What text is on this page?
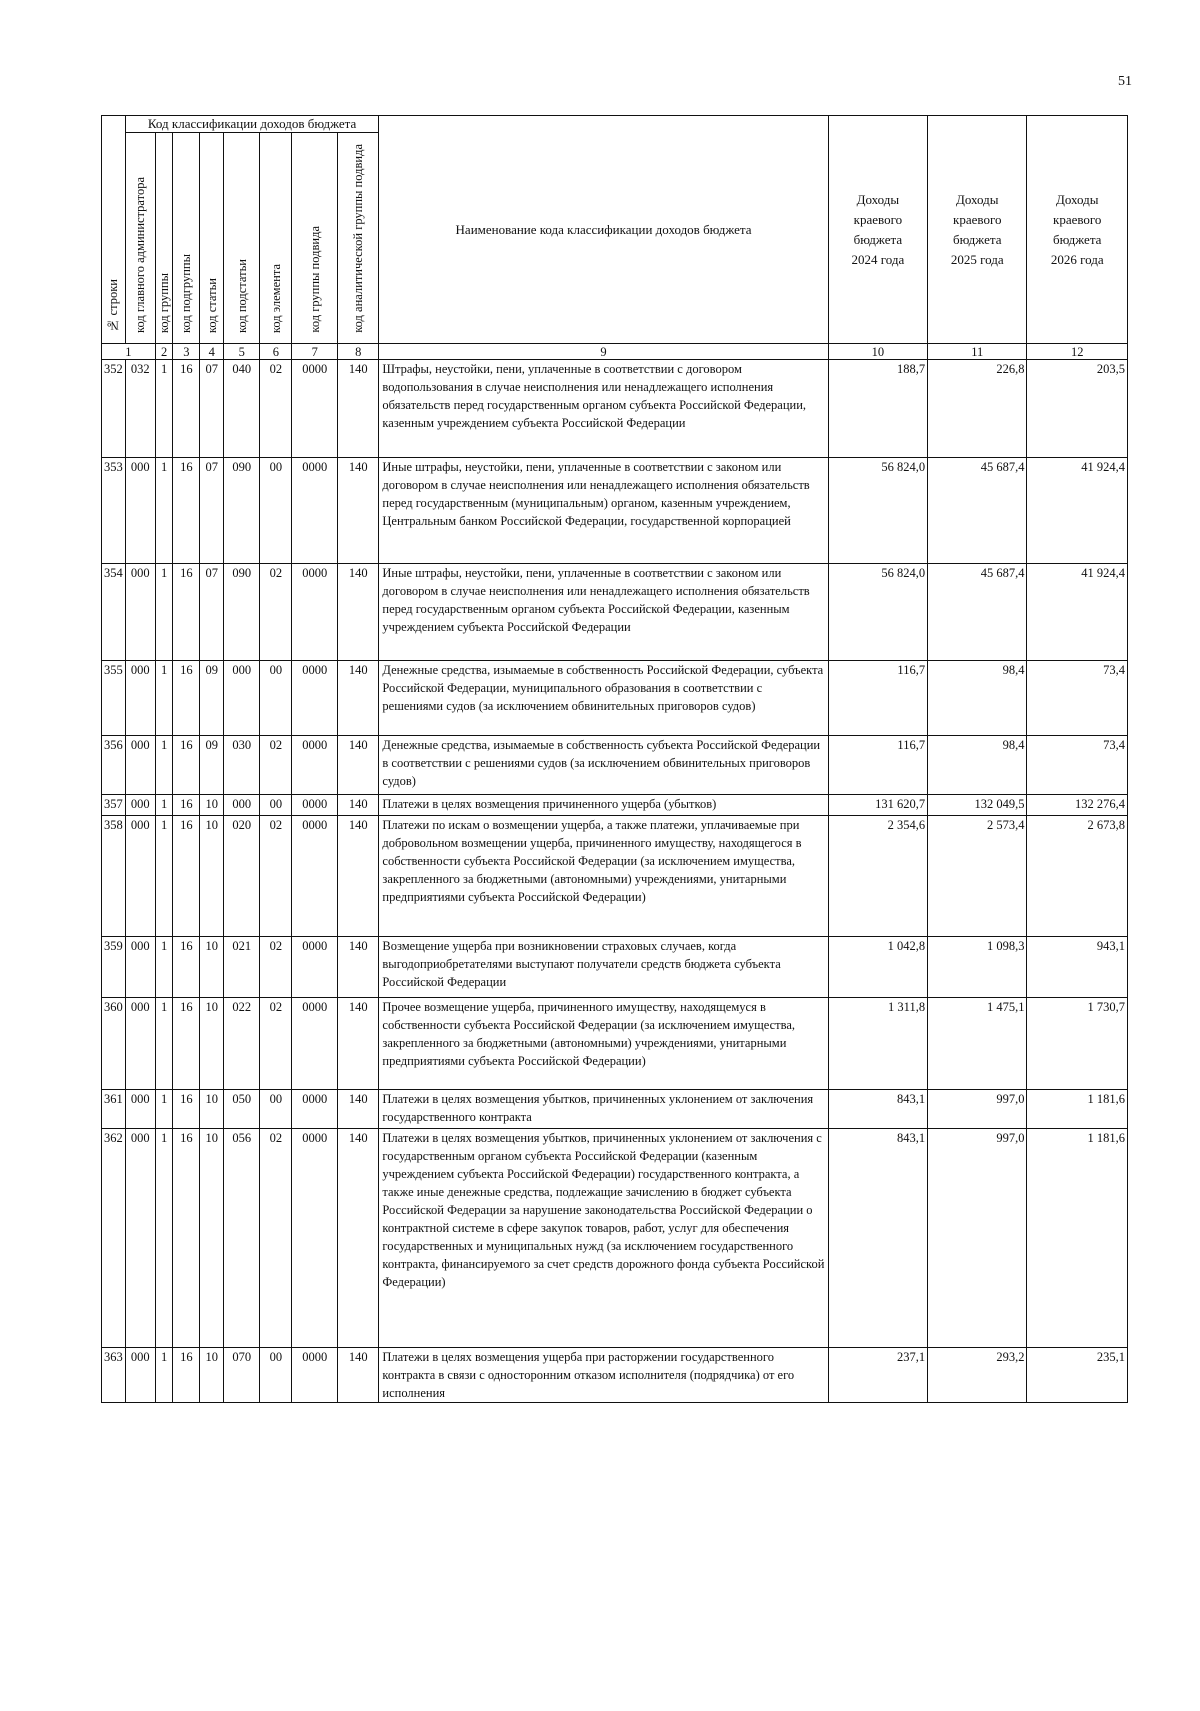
51
№ строки	Код классификации доходов бюджета								Наименование кода классификации доходов бюджета	Доходы краевого бюджета 2024 года	Доходы краевого бюджета 2025 года	Доходы краевого бюджета 2026 года

	код главного администратора	код группы	код подгруппы	код статьи	код подстатьи	код элемента	код группы подвида	код аналитической группы подвида				

1		2	3	4	5	6	7	8	9	10	11	12
352	032	1	16	07	040	02	0000	140	Штрафы, неустойки, пени, уплаченные в соответствии с договором водопользования в случае неисполнения или ненадлежащего исполнения обязательств перед государственным органом субъекта Российской Федерации, казенным учреждением субъекта Российской Федерации	188,7	226,8	203,5
353	000	1	16	07	090	00	0000	140	Иные штрафы, неустойки, пени, уплаченные в соответствии с законом или договором в случае неисполнения или ненадлежащего исполнения обязательств перед государственным (муниципальным) органом, казенным учреждением, Центральным банком Российской Федерации, государственной корпорацией	56 824,0	45 687,4	41 924,4
354	000	1	16	07	090	02	0000	140	Иные штрафы, неустойки, пени, уплаченные в соответствии с законом или договором в случае неисполнения или ненадлежащего исполнения обязательств перед государственным органом субъекта Российской Федерации, казенным учреждением субъекта Российской Федерации	56 824,0	45 687,4	41 924,4
355	000	1	16	09	000	00	0000	140	Денежные средства, изымаемые в собственность Российской Федерации, субъекта Российской Федерации, муниципального образования в соответствии с решениями судов (за исключением обвинительных приговоров судов)	116,7	98,4	73,4
356	000	1	16	09	030	02	0000	140	Денежные средства, изымаемые в собственность субъекта Российской Федерации в соответствии с решениями судов (за исключением обвинительных приговоров судов)	116,7	98,4	73,4
357	000	1	16	10	000	00	0000	140	Платежи в целях возмещения причиненного ущерба (убытков)	131 620,7	132 049,5	132 276,4
358	000	1	16	10	020	02	0000	140	Платежи по искам о возмещении ущерба, а также платежи, уплачиваемые при добровольном возмещении ущерба, причиненного имуществу, находящегося в собственности субъекта Российской Федерации (за исключением имущества, закрепленного за бюджетными (автономными) учреждениями, унитарными предприятиями субъекта Российской Федерации)	2 354,6	2 573,4	2 673,8
359	000	1	16	10	021	02	0000	140	Возмещение ущерба при возникновении страховых случаев, когда выгодоприобретателями выступают получатели средств бюджета субъекта Российской Федерации	1 042,8	1 098,3	943,1
360	000	1	16	10	022	02	0000	140	Прочее возмещение ущерба, причиненного имуществу, находящемуся в собственности субъекта Российской Федерации (за исключением имущества, закрепленного за бюджетными (автономными) учреждениями, унитарными предприятиями субъекта Российской Федерации)	1 311,8	1 475,1	1 730,7
361	000	1	16	10	050	00	0000	140	Платежи в целях возмещения убытков, причиненных уклонением от заключения государственного контракта	843,1	997,0	1 181,6
362	000	1	16	10	056	02	0000	140	Платежи в целях возмещения убытков, причиненных уклонением от заключения с государственным органом субъекта Российской Федерации (казенным учреждением субъекта Российской Федерации) государственного контракта, а также иные денежные средства, подлежащие зачислению в бюджет субъекта Российской Федерации за нарушение законодательства Российской Федерации о контрактной системе в сфере закупок товаров, работ, услуг для обеспечения государственных и муниципальных нужд (за исключением государственного контракта, финансируемого за счет средств дорожного фонда субъекта Российской Федерации)	843,1	997,0	1 181,6
363	000	1	16	10	070	00	0000	140	Платежи в целях возмещения ущерба при расторжении государственного контракта в связи с односторонним отказом исполнителя (подрядчика) от его исполнения	237,1	293,2	235,1
